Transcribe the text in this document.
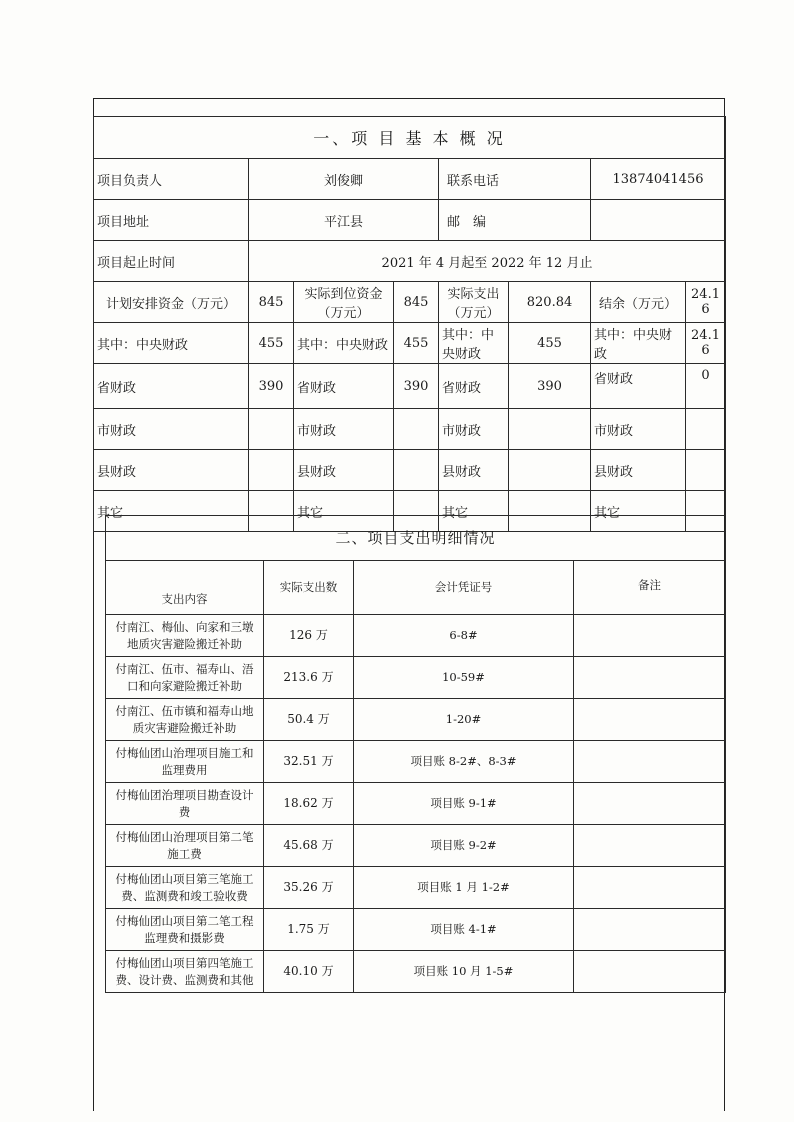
一、项 目 基 本 概 况							
项目负责人	刘俊卿			联系电话		13874041456	
项目地址	平江县			邮　编			
项目起止时间	2021 年 4 月起至 2022 年 12 月止						
计划安排资金（万元）	845	实际到位资金（万元）	845	实际支出（万元）	820.84	结余（万元）	24.16
其中：中央财政	455	其中：中央财政	455	其中：中央财政	455	其中：中央财政	24.16
省财政	390	省财政	390	省财政	390	省财政	0
市财政		市财政		市财政		市财政	
县财政		县财政		县财政		县财政	
其它		其它		其它		其它	
二、项目支出明细情况			
支出内容	实际支出数	会计凭证号	备注
付南江、梅仙、向家和三墩地质灾害避险搬迁补助	126 万	6-8#	
付南江、伍市、福寿山、浯口和向家避险搬迁补助	213.6 万	10-59#	
付南江、伍市镇和福寿山地质灾害避险搬迁补助	50.4 万	1-20#	
付梅仙团山治理项目施工和监理费用	32.51 万	项目账 8-2#、8-3#	
付梅仙团治理项目勘查设计费	18.62 万	项目账 9-1#	
付梅仙团山治理项目第二笔施工费	45.68 万	项目账 9-2#	
付梅仙团山项目第三笔施工费、监测费和竣工验收费	35.26 万	项目账 1 月 1-2#	
付梅仙团山项目第二笔工程监理费和摄影费	1.75 万	项目账 4-1#	
付梅仙团山项目第四笔施工费、设计费、监测费和其他	40.10 万	项目账 10 月 1-5#	
